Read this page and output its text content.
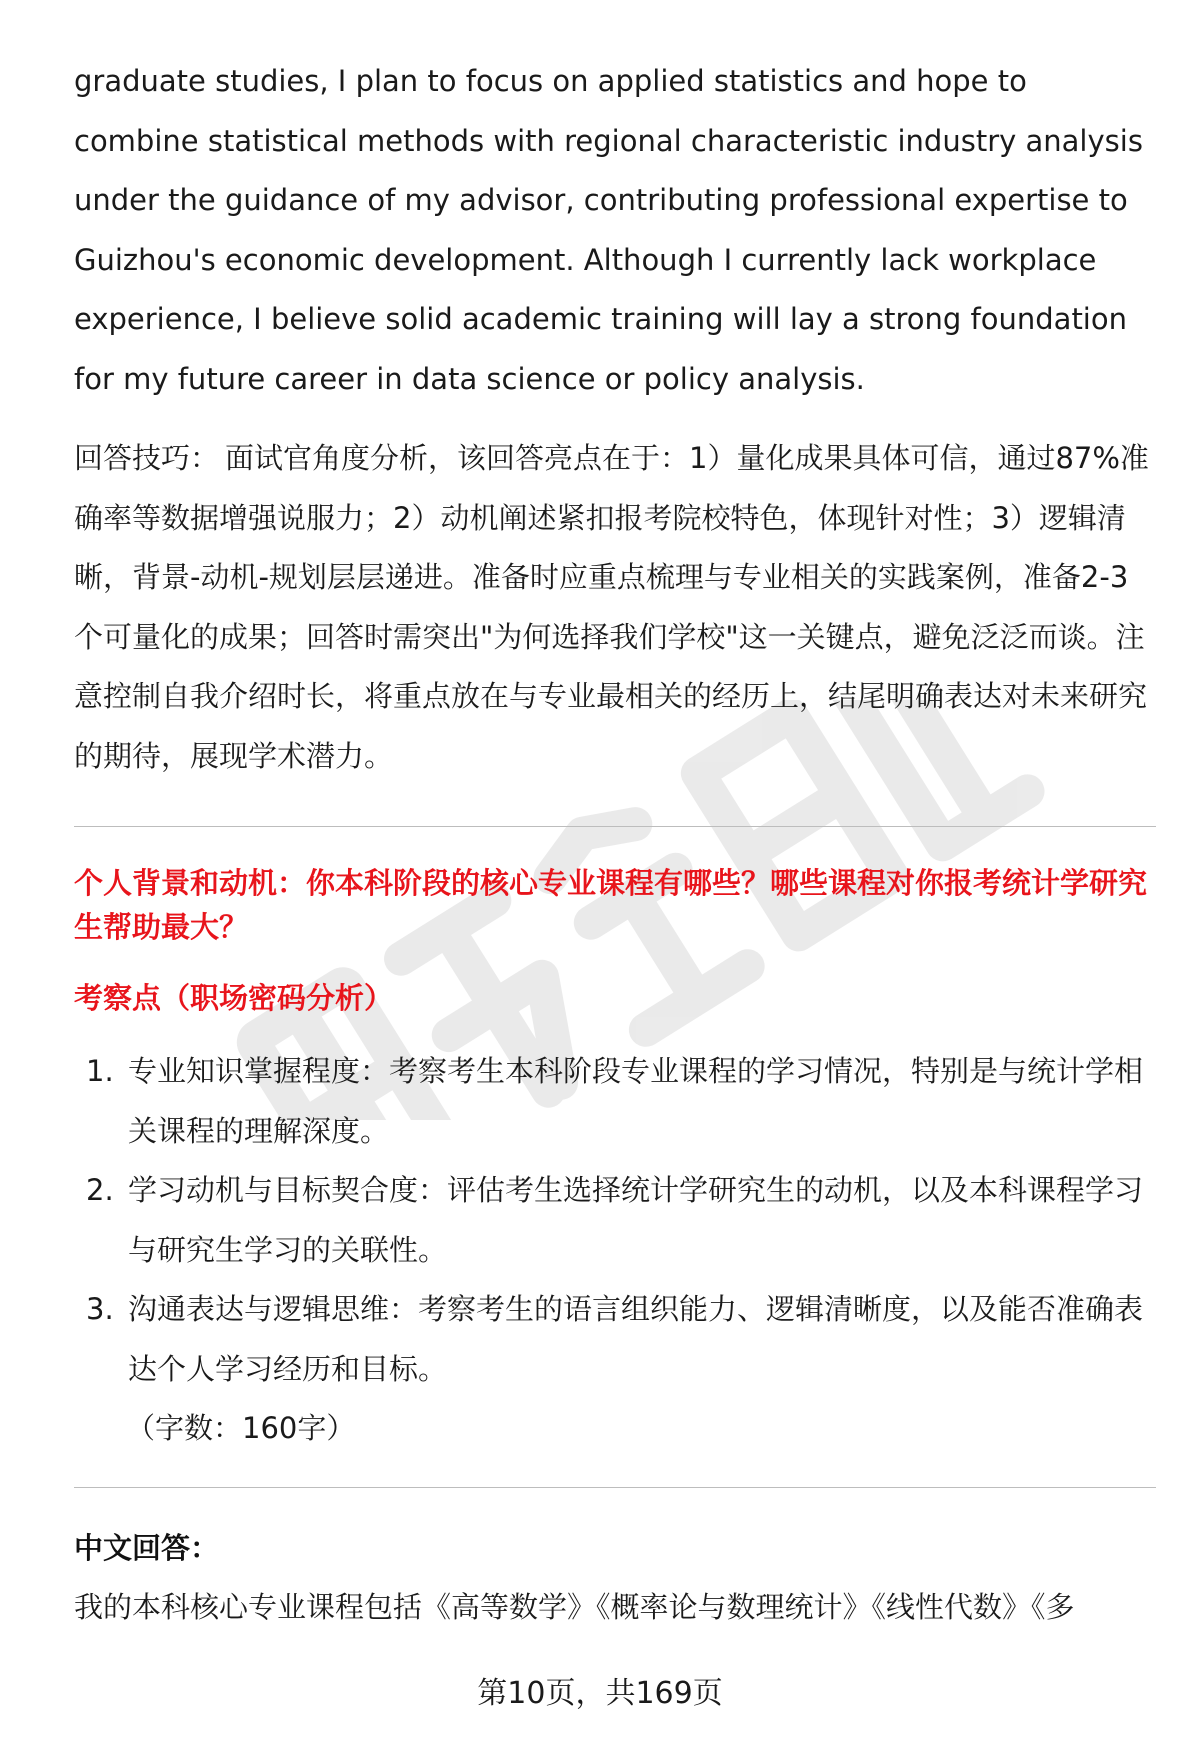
graduate studies, I plan to focus on applied statistics and hope to combine statistical methods with regional characteristic industry analysis under the guidance of my advisor, contributing professional expertise to Guizhou's economic development. Although I currently lack workplace experience, I believe solid academic training will lay a strong foundation for my future career in data science or policy analysis.

回答技巧： 面试官角度分析，该回答亮点在于：1）量化成果具体可信，通过87%准确率等数据增强说服力；2）动机阐述紧扣报考院校特色，体现针对性；3）逻辑清晰，背景-动机-规划层层递进。准备时应重点梳理与专业相关的实践案例，准备2-3个可量化的成果；回答时需突出"为何选择我们学校"这一关键点，避免泛泛而谈。注意控制自我介绍时长，将重点放在与专业最相关的经历上，结尾明确表达对未来研究的期待，展现学术潜力。

个人背景和动机：你本科阶段的核心专业课程有哪些？哪些课程对你报考统计学研究生帮助最大？

考察点（职场密码分析）

1. 专业知识掌握程度：考察考生本科阶段专业课程的学习情况，特别是与统计学相关课程的理解深度。
2. 学习动机与目标契合度：评估考生选择统计学研究生的动机，以及本科课程学习与研究生学习的关联性。
3. 沟通表达与逻辑思维：考察考生的语言组织能力、逻辑清晰度，以及能否准确表达个人学习经历和目标。

（字数：160字）

中文回答：

我的本科核心专业课程包括《高等数学》《概率论与数理统计》《线性代数》《多

第10页，共169页
